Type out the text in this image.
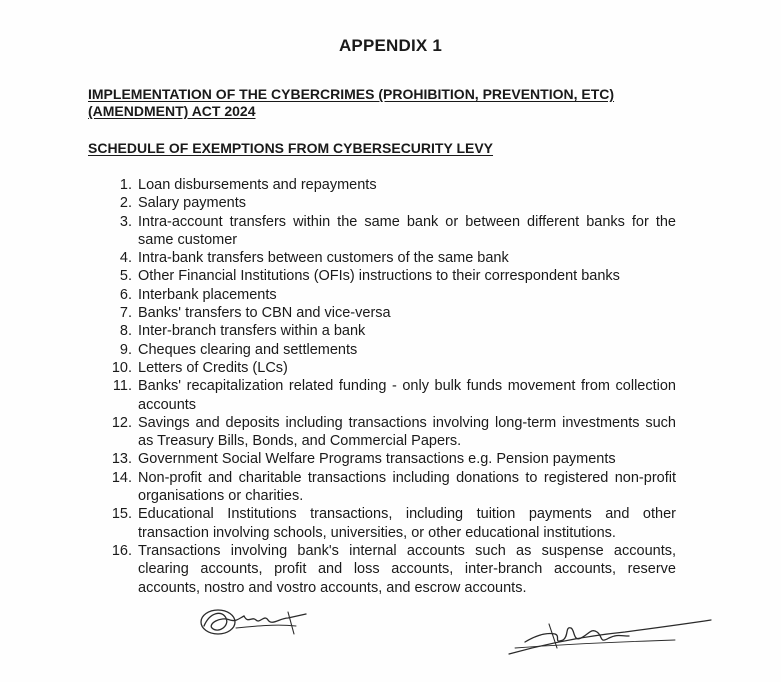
APPENDIX 1
IMPLEMENTATION OF THE CYBERCRIMES (PROHIBITION, PREVENTION, ETC) (AMENDMENT) ACT 2024
SCHEDULE OF EXEMPTIONS FROM CYBERSECURITY LEVY
1. Loan disbursements and repayments
2. Salary payments
3. Intra-account transfers within the same bank or between different banks for the same customer
4. Intra-bank transfers between customers of the same bank
5. Other Financial Institutions (OFIs) instructions to their correspondent banks
6. Interbank placements
7. Banks' transfers to CBN and vice-versa
8. Inter-branch transfers within a bank
9. Cheques clearing and settlements
10. Letters of Credits (LCs)
11. Banks' recapitalization related funding - only bulk funds movement from collection accounts
12. Savings and deposits including transactions involving long-term investments such as Treasury Bills, Bonds, and Commercial Papers.
13. Government Social Welfare Programs transactions e.g. Pension payments
14. Non-profit and charitable transactions including donations to registered non-profit organisations or charities.
15. Educational Institutions transactions, including tuition payments and other transaction involving schools, universities, or other educational institutions.
16. Transactions involving bank's internal accounts such as suspense accounts, clearing accounts, profit and loss accounts, inter-branch accounts, reserve accounts, nostro and vostro accounts, and escrow accounts.
